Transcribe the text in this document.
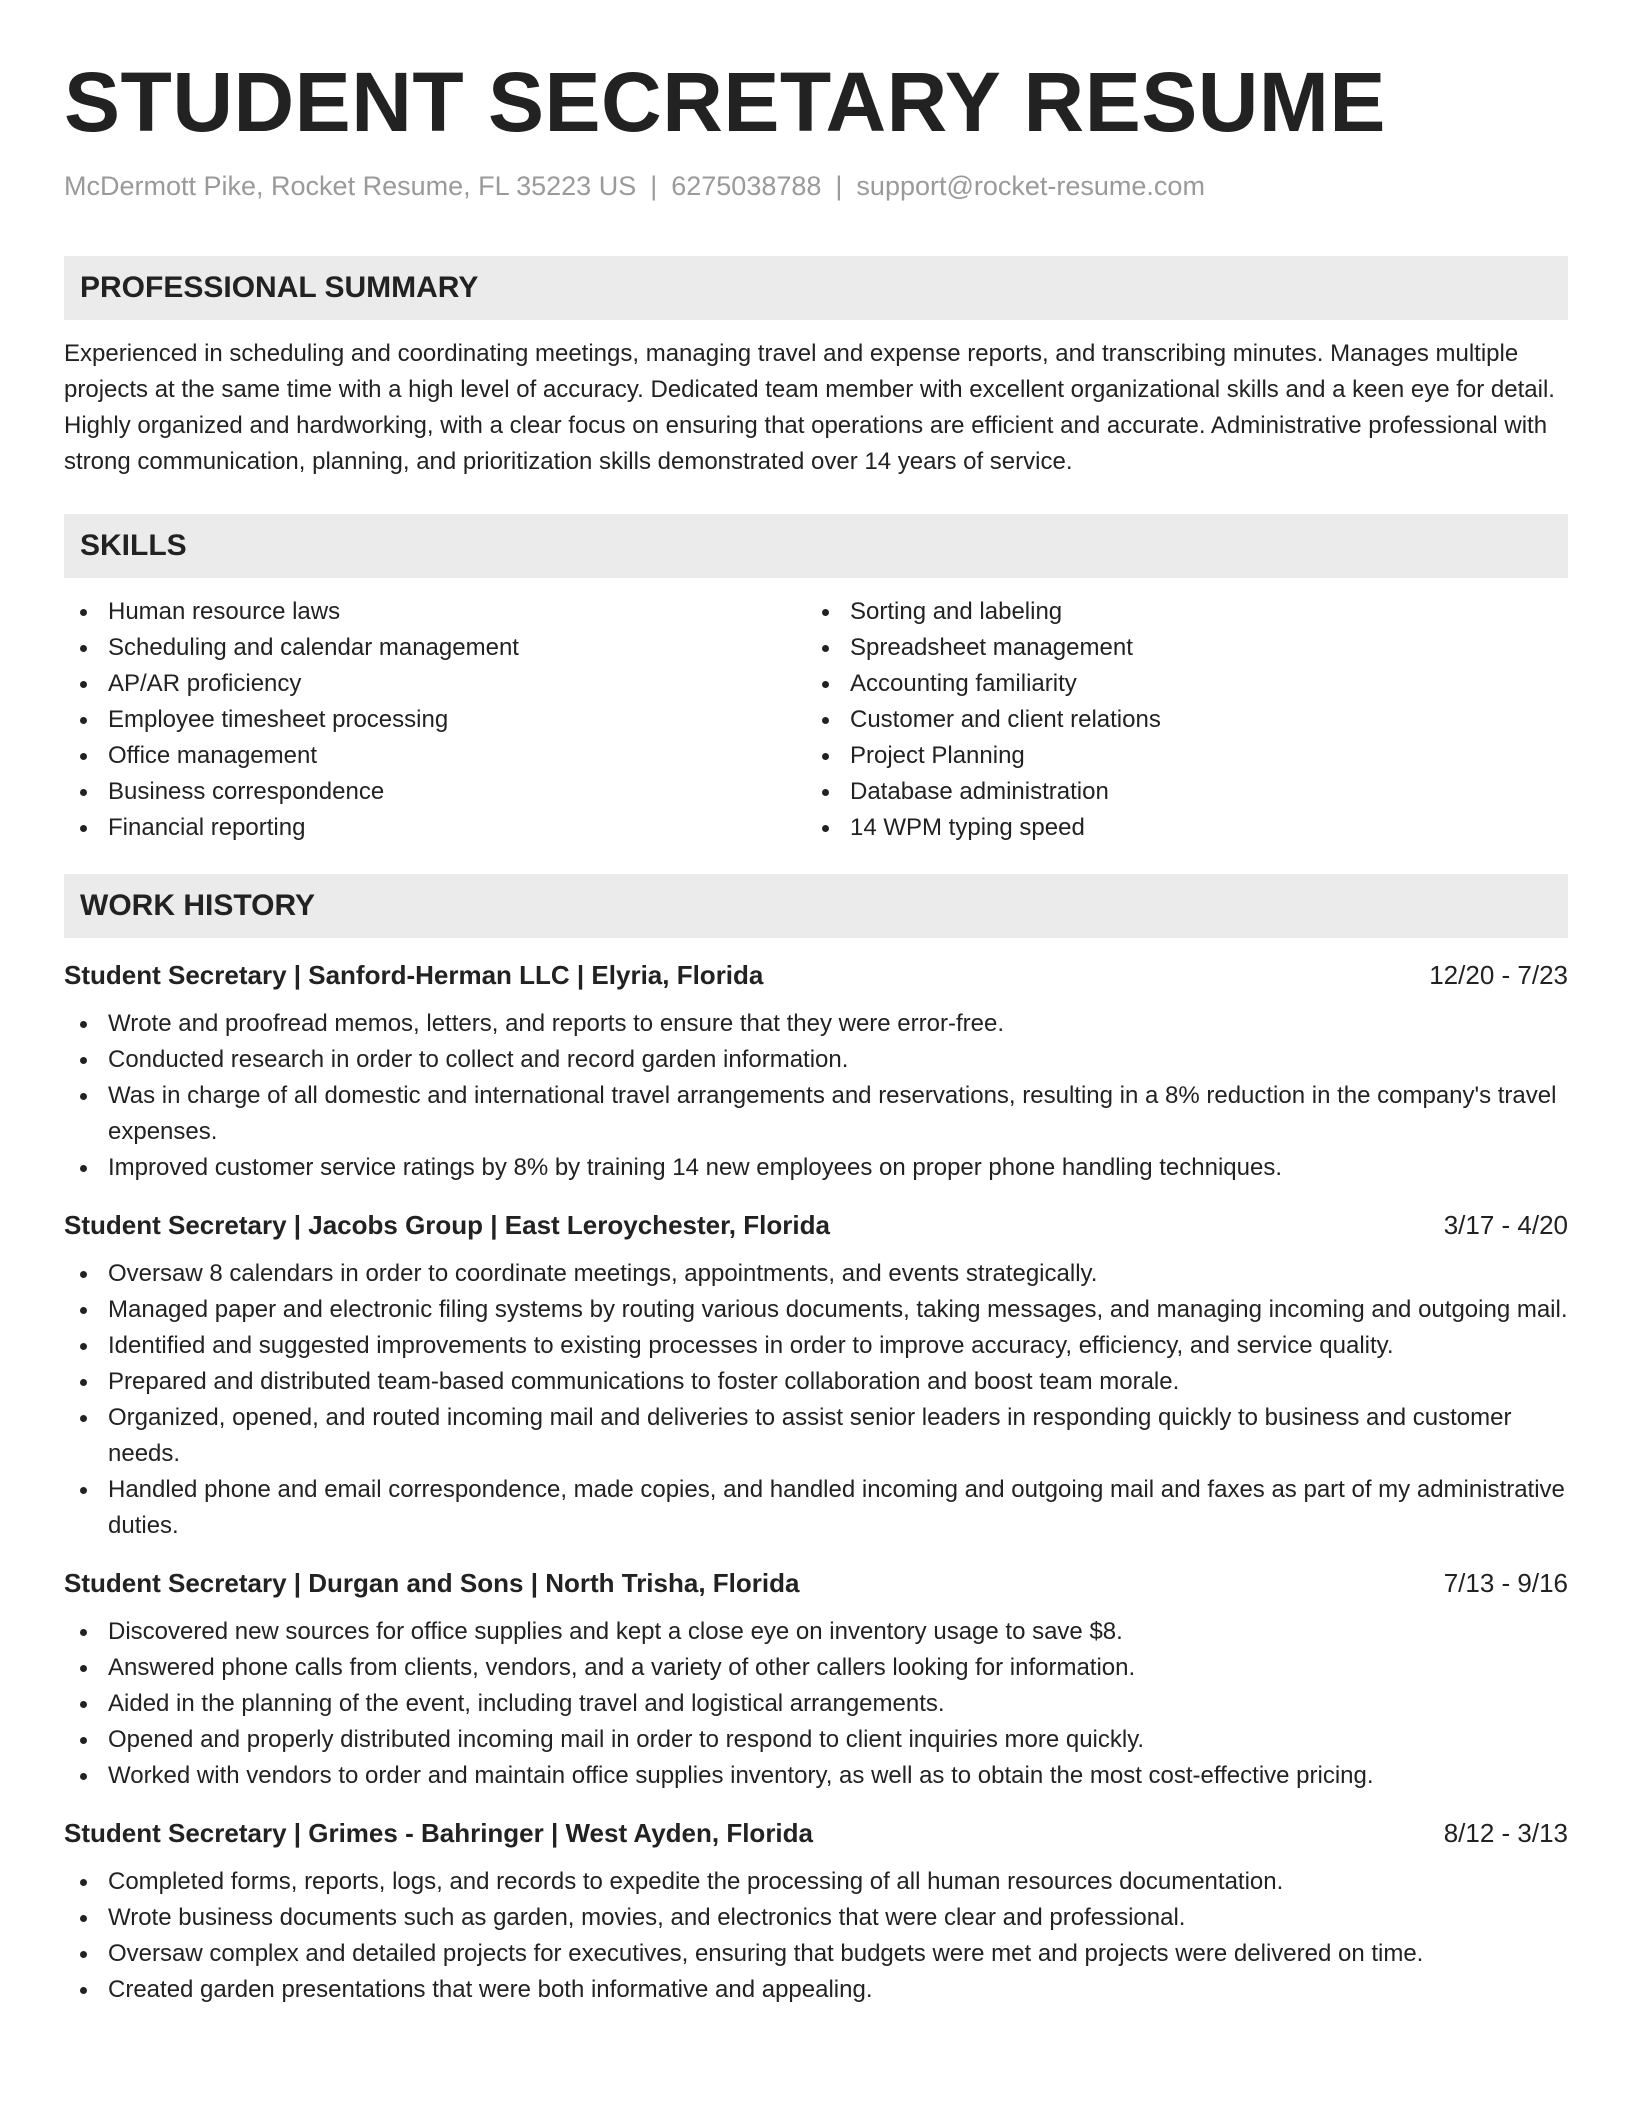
STUDENT SECRETARY RESUME
McDermott Pike, Rocket Resume, FL 35223 US | 6275038788 | support@rocket-resume.com
PROFESSIONAL SUMMARY

Experienced in scheduling and coordinating meetings, managing travel and expense reports, and transcribing minutes. Manages multiple projects at the same time with a high level of accuracy. Dedicated team member with excellent organizational skills and a keen eye for detail. Highly organized and hardworking, with a clear focus on ensuring that operations are efficient and accurate. Administrative professional with strong communication, planning, and prioritization skills demonstrated over 14 years of service.

SKILLS
Human resource laws
Scheduling and calendar management
AP/AR proficiency
Employee timesheet processing
Office management
Business correspondence
Financial reporting
Sorting and labeling
Spreadsheet management
Accounting familiarity
Customer and client relations
Project Planning
Database administration
14 WPM typing speed
WORK HISTORY
Student Secretary | Sanford-Herman LLC | Elyria, Florida	12/20 - 7/23
Wrote and proofread memos, letters, and reports to ensure that they were error-free.
Conducted research in order to collect and record garden information.
Was in charge of all domestic and international travel arrangements and reservations, resulting in a 8% reduction in the company's travel expenses.
Improved customer service ratings by 8% by training 14 new employees on proper phone handling techniques.
Student Secretary | Jacobs Group | East Leroychester, Florida	3/17 - 4/20
Oversaw 8 calendars in order to coordinate meetings, appointments, and events strategically.
Managed paper and electronic filing systems by routing various documents, taking messages, and managing incoming and outgoing mail.
Identified and suggested improvements to existing processes in order to improve accuracy, efficiency, and service quality.
Prepared and distributed team-based communications to foster collaboration and boost team morale.
Organized, opened, and routed incoming mail and deliveries to assist senior leaders in responding quickly to business and customer needs.
Handled phone and email correspondence, made copies, and handled incoming and outgoing mail and faxes as part of my administrative duties.
Student Secretary | Durgan and Sons | North Trisha, Florida	7/13 - 9/16
Discovered new sources for office supplies and kept a close eye on inventory usage to save $8.
Answered phone calls from clients, vendors, and a variety of other callers looking for information.
Aided in the planning of the event, including travel and logistical arrangements.
Opened and properly distributed incoming mail in order to respond to client inquiries more quickly.
Worked with vendors to order and maintain office supplies inventory, as well as to obtain the most cost-effective pricing.
Student Secretary | Grimes - Bahringer | West Ayden, Florida	8/12 - 3/13
Completed forms, reports, logs, and records to expedite the processing of all human resources documentation.
Wrote business documents such as garden, movies, and electronics that were clear and professional.
Oversaw complex and detailed projects for executives, ensuring that budgets were met and projects were delivered on time.
Created garden presentations that were both informative and appealing.
